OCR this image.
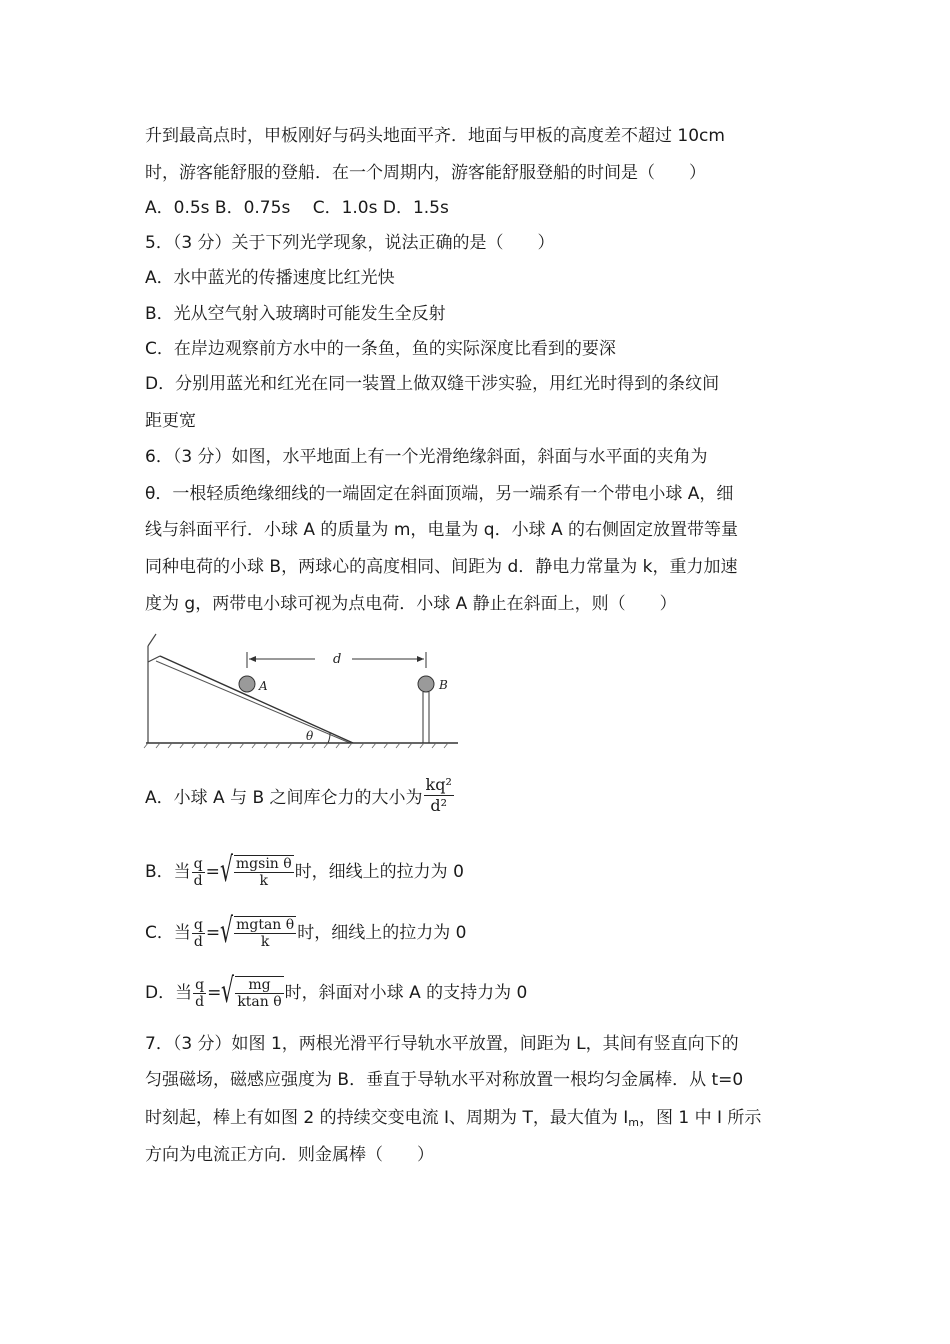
升到最高点时，甲板刚好与码头地面平齐．地面与甲板的高度差不超过 10cm
时，游客能舒服的登船．在一个周期内，游客能舒服登船的时间是（　　）
A．0.5s B．0.75s　 C．1.0s D．1.5s
5．（3 分）关于下列光学现象，说法正确的是（　　）
A．水中蓝光的传播速度比红光快
B．光从空气射入玻璃时可能发生全反射
C．在岸边观察前方水中的一条鱼，鱼的实际深度比看到的要深
D．分别用蓝光和红光在同一装置上做双缝干涉实验，用红光时得到的条纹间
距更宽
6．（3 分）如图，水平地面上有一个光滑绝缘斜面，斜面与水平面的夹角为
θ．一根轻质绝缘细线的一端固定在斜面顶端，另一端系有一个带电小球 A，细
线与斜面平行．小球 A 的质量为 m，电量为 q．小球 A 的右侧固定放置带等量
同种电荷的小球 B，两球心的高度相同、间距为 d．静电力常量为 k，重力加速
度为 g，两带电小球可视为点电荷．小球 A 静止在斜面上，则（　　）
θ
A	B
d
A．小球 A 与 B 之间库仑力的大小为 $\frac{\text{kq²}}{\text{d²}}$
B．当 $\frac{q}{d}$ = √ $\frac{\text{mgsin θ}}{k}$ 时，细线上的拉力为 0
C．当 $\frac{q}{d}$ = √ $\frac{\text{mgtan θ}}{k}$ 时，细线上的拉力为 0
D．当 $\frac{q}{d}$ = √ $\frac{mg}{\text{ktan θ}}$ 时，斜面对小球 A 的支持力为 0
7．（3 分）如图 1，两根光滑平行导轨水平放置，间距为 L，其间有竖直向下的
匀强磁场，磁感应强度为 B．垂直于导轨水平对称放置一根均匀金属棒．从 t=0
时刻起，棒上有如图 2 的持续交变电流 I、周期为 T，最大值为 $I_m$，图 1 中 I 所示
方向为电流正方向．则金属棒（　　）
